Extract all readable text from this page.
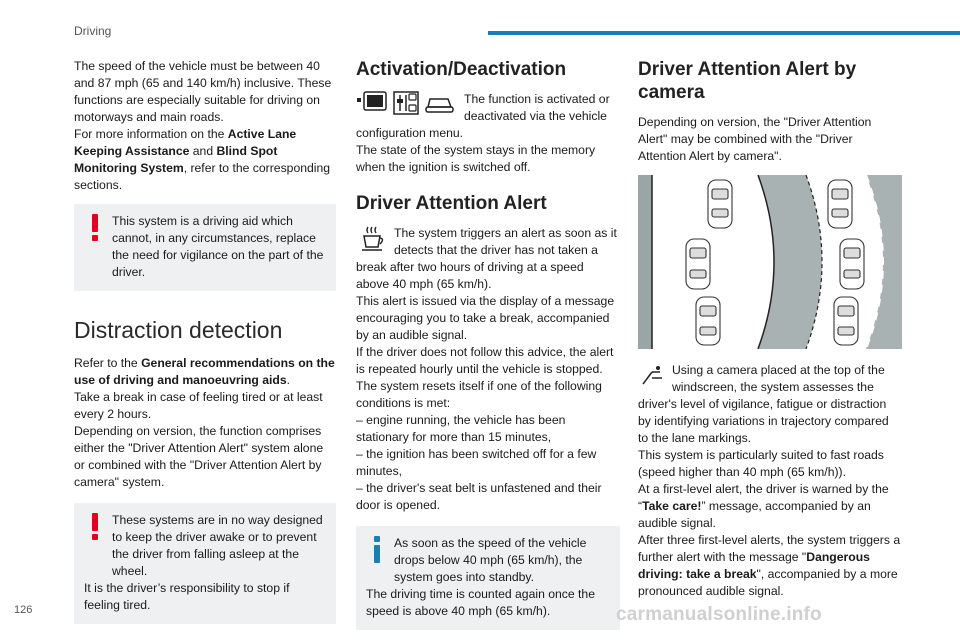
Driving

The speed of the vehicle must be between 40 and 87 mph (65 and 140 km/h) inclusive. These functions are especially suitable for driving on motorways and main roads.

For more information on the Active Lane Keeping Assistance and Blind Spot Monitoring System, refer to the corresponding sections.

This system is a driving aid which cannot, in any circumstances, replace the need for vigilance on the part of the driver.
Distraction detection

Refer to the General recommendations on the use of driving and manoeuvring aids.

Take a break in case of feeling tired or at least every 2 hours.

Depending on version, the function comprises either the "Driver Attention Alert" system alone or combined with the "Driver Attention Alert by camera" system.

These systems are in no way designed to keep the driver awake or to prevent the driver from falling asleep at the wheel.
It is the driver’s responsibility to stop if feeling tired.
Activation/Deactivation
The function is activated or deactivated via the vehicle configuration menu.

The state of the system stays in the memory when the ignition is switched off.

Driver Attention Alert
The system triggers an alert as soon as it detects that the driver has not taken a break after two hours of driving at a speed above 40 mph (65 km/h).

This alert is issued via the display of a message encouraging you to take a break, accompanied by an audible signal.

If the driver does not follow this advice, the alert is repeated hourly until the vehicle is stopped.

The system resets itself if one of the following conditions is met:

– engine running, the vehicle has been stationary for more than 15 minutes,
– the ignition has been switched off for a few minutes,
– the driver's seat belt is unfastened and their door is opened.
As soon as the speed of the vehicle drops below 40 mph (65 km/h), the system goes into standby.
The driving time is counted again once the speed is above 40 mph (65 km/h).
Driver Attention Alert by camera

Depending on version, the "Driver Attention Alert" may be combined with the "Driver Attention Alert by camera".

Using a camera placed at the top of the windscreen, the system assesses the driver's level of vigilance, fatigue or distraction by identifying variations in trajectory compared to the lane markings.

This system is particularly suited to fast roads (speed higher than 40 mph (65 km/h)).

At a first-level alert, the driver is warned by the “Take care!” message, accompanied by an audible signal.

After three first-level alerts, the system triggers a further alert with the message "Dangerous driving: take a break", accompanied by a more pronounced audible signal.

126	carmanualsonline.info
